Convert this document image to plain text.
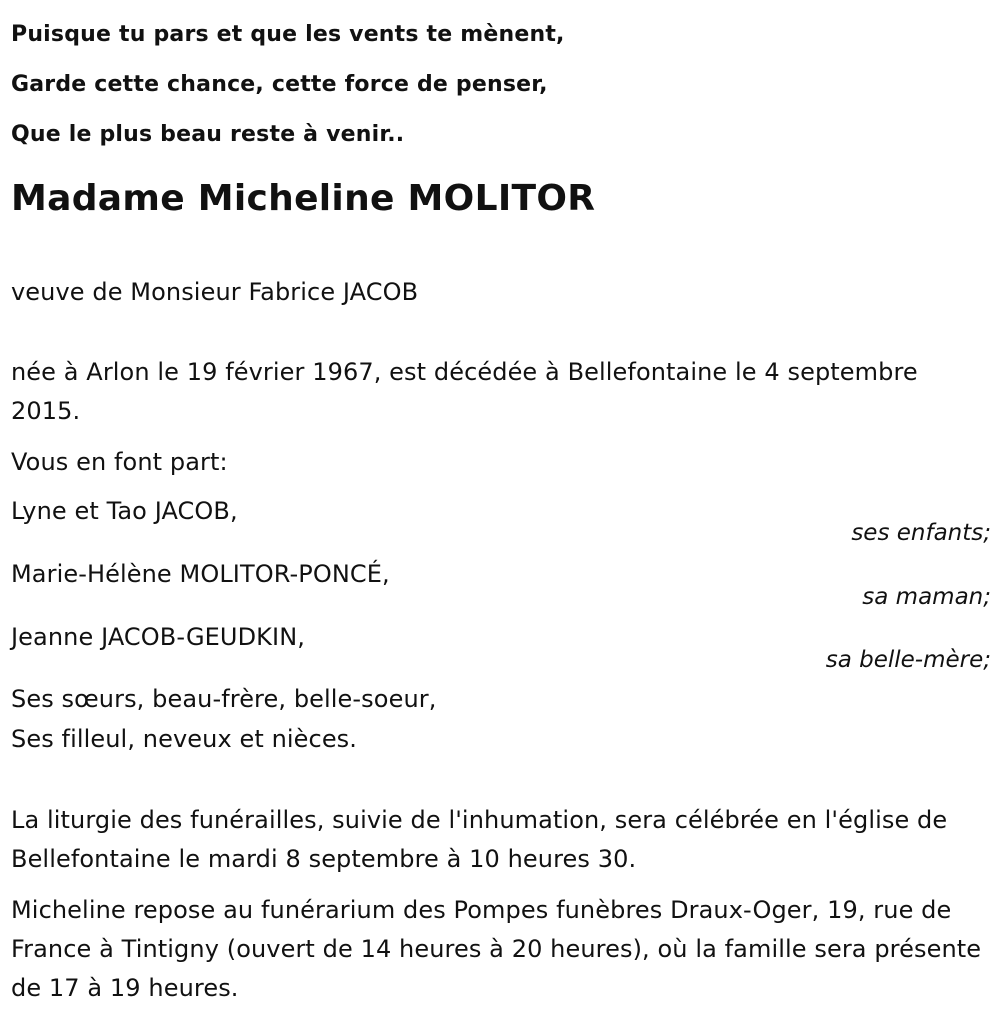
Puisque tu pars et que les vents te mènent,
Garde cette chance, cette force de penser,
Que le plus beau reste à venir..
Madame Micheline MOLITOR
veuve de Monsieur Fabrice JACOB
née à Arlon le 19 février 1967, est décédée à Bellefontaine le 4 septembre 2015.
Vous en font part:
Lyne et Tao JACOB,
ses enfants;
Marie-Hélène MOLITOR-PONCÉ,
sa maman;
Jeanne JACOB-GEUDKIN,
sa belle-mère;
Ses sœurs, beau-frère, belle-soeur,
Ses filleul, neveux et nièces.
La liturgie des funérailles, suivie de l'inhumation, sera célébrée en l'église de Bellefontaine le mardi 8 septembre à 10 heures 30.
Micheline repose au funérarium des Pompes funèbres Draux-Oger, 19, rue de France à Tintigny (ouvert de 14 heures à 20 heures), où la famille sera présente de 17 à 19 heures.
